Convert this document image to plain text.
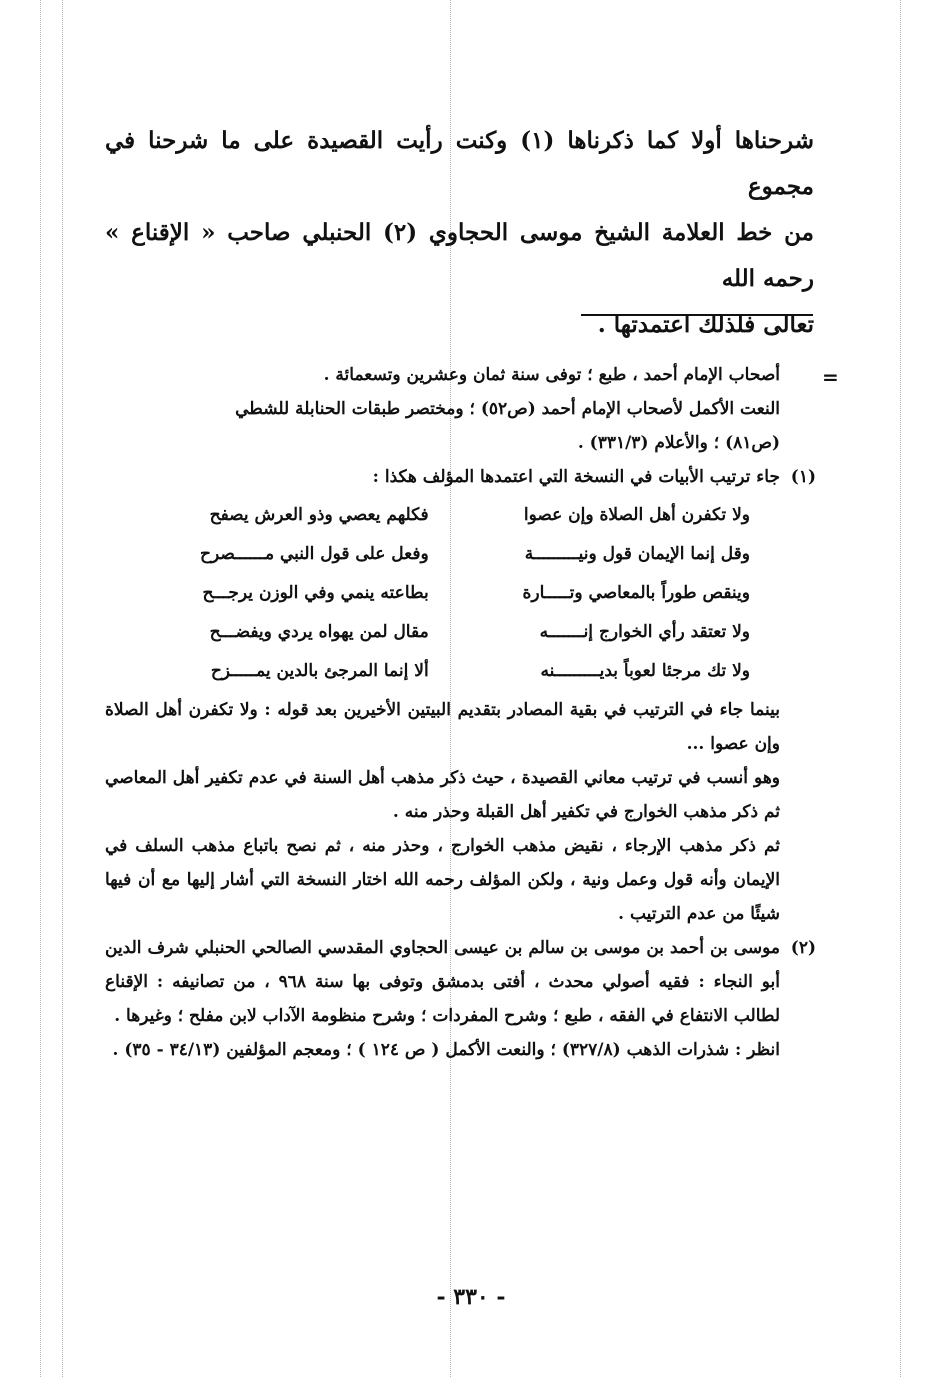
شرحناها أولا كما ذكرناها (١) وكنت رأيت القصيدة على ما شرحنا في مجموع

من خط العلامة الشيخ موسى الحجاوي (٢) الحنبلي صاحب « الإقناع » رحمه الله

تعالى فلذلك اعتمدتها .

=

أصحاب الإمام أحمد ، طبع ؛ توفى سنة ثمان وعشرين وتسعمائة .

النعت الأكمل لأصحاب الإمام أحمد (ص٥٢) ؛ ومختصر طبقات الحنابلة للشطي

(ص٨١) ؛ والأعلام (٣٣١/٣) .

(١)

جاء ترتيب الأبيات في النسخة التي اعتمدها المؤلف هكذا :

ولا تكفرن أهل الصلاة وإن عصوا
فكلهم يعصي وذو العرش يصفح
وقل إنما الإيمان قول ونيـــــــــة
وفعل على قول النبي مــــــصرح
وينقص طوراً بالمعاصي وتـــــارة
بطاعته ينمي وفي الوزن يرجـــح
ولا تعتقد رأي الخوارج إنـــــــه
مقال لمن يهواه يردي ويفضـــح
ولا تك مرجئا لعوباً بديـــــــــنه
ألا إنما المرجئ بالدين يمـــــزح

بينما جاء في الترتيب في بقية المصادر بتقديم البيتين الأخيرين بعد قوله : ولا تكفرن أهل الصلاة وإن عصوا ...

وهو أنسب في ترتيب معاني القصيدة ، حيث ذكر مذهب أهل السنة في عدم تكفير أهل المعاصي ثم ذكر مذهب الخوارج في تكفير أهل القبلة وحذر منه .

ثم ذكر مذهب الإرجاء ، نقيض مذهب الخوارج ، وحذر منه ، ثم نصح باتباع مذهب السلف في الإيمان وأنه قول وعمل ونية ، ولكن المؤلف رحمه الله اختار النسخة التي أشار إليها مع أن فيها شيئًا من عدم الترتيب .

(٢)

موسى بن أحمد بن موسى بن سالم بن عيسى الحجاوي المقدسي الصالحي الحنبلي شرف الدين أبو النجاء : فقيه أصولي محدث ، أفتى بدمشق وتوفى بها سنة ٩٦٨ ، من تصانيفه : الإقناع لطالب الانتفاع في الفقه ، طبع ؛ وشرح المفردات ؛ وشرح منظومة الآداب لابن مفلح ؛ وغيرها .

انظر : شذرات الذهب (٣٢٧/٨) ؛ والنعت الأكمل ( ص ١٢٤ ) ؛ ومعجم المؤلفين (٣٤/١٣ - ٣٥) .

- ٣٣٠ -
